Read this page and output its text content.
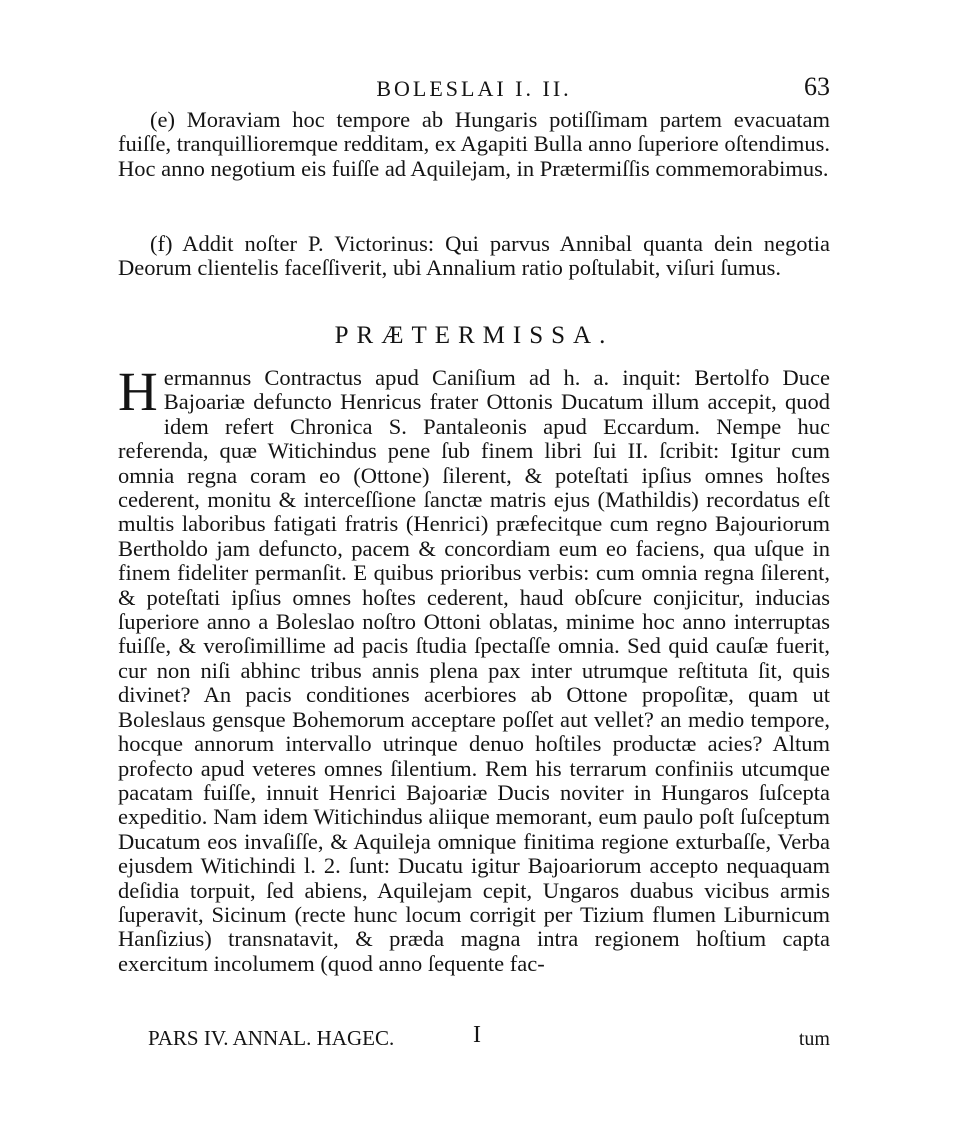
BOLESLAI I. II.	63

(e) Moraviam hoc tempore ab Hungaris potiſſimam partem evacuatam fuiſſe, tranquillioremque redditam, ex Agapiti Bulla anno ſuperiore oſtendimus. Hoc anno negotium eis fuiſſe ad Aquilejam, in Prætermiſſis commemorabimus.

(f) Addit noſter P. Victorinus: Qui parvus Annibal quanta dein negotia Deorum clientelis faceſſiverit, ubi Annalium ratio poſtulabit, viſuri ſumus.

PRÆTERMISSA.
H ermannus Contractus apud Caniſium ad h. a. inquit: Bertolfo Duce Bajoariæ defuncto Henricus frater Ottonis Ducatum illum accepit, quod idem refert Chronica S. Pantaleonis apud Eccardum. Nempe huc referenda, quæ Witichindus pene ſub finem libri ſui II. ſcribit: Igitur cum omnia regna coram eo (Ottone) ſilerent, & poteſtati ipſius omnes hoſtes cederent, monitu & interceſſione ſanctæ matris ejus (Mathildis) recordatus eſt multis laboribus fatigati fratris (Henrici) præfecitque cum regno Bajouriorum Bertholdo jam defuncto, pacem & concordiam eum eo faciens, qua uſque in finem fideliter permanſit. E quibus prioribus verbis: cum omnia regna ſilerent, & poteſtati ipſius omnes hoſtes cederent, haud obſcure conjicitur, inducias ſuperiore anno a Boleslao noſtro Ottoni oblatas, minime hoc anno interruptas fuiſſe, & veroſimillime ad pacis ſtudia ſpectaſſe omnia. Sed quid cauſæ fuerit, cur non niſi abhinc tribus annis plena pax inter utrumque reſtituta ſit, quis divinet? An pacis conditiones acerbiores ab Ottone propoſitæ, quam ut Boleslaus gensque Bohemorum acceptare poſſet aut vellet? an medio tempore, hocque annorum intervallo utrinque denuo hoſtiles productæ acies? Altum profecto apud veteres omnes ſilentium. Rem his terrarum confiniis utcumque pacatam fuiſſe, innuit Henrici Bajoariæ Ducis noviter in Hungaros ſuſcepta expeditio. Nam idem Witichindus aliique memorant, eum paulo poſt ſuſceptum Ducatum eos invaſiſſe, & Aquileja omnique finitima regione exturbaſſe, Verba ejusdem Witichindi l. 2. ſunt: Ducatu igitur Bajoariorum accepto nequaquam deſidia torpuit, ſed abiens, Aquilejam cepit, Ungaros duabus vicibus armis ſuperavit, Sicinum (recte hunc locum corrigit per Tizium flumen Liburnicum Hanſizius) transnatavit, & præda magna intra regionem hoſtium capta exercitum incolumem (quod anno ſequente fac-
PARS IV. ANNAL. HAGEC.	I	tum
